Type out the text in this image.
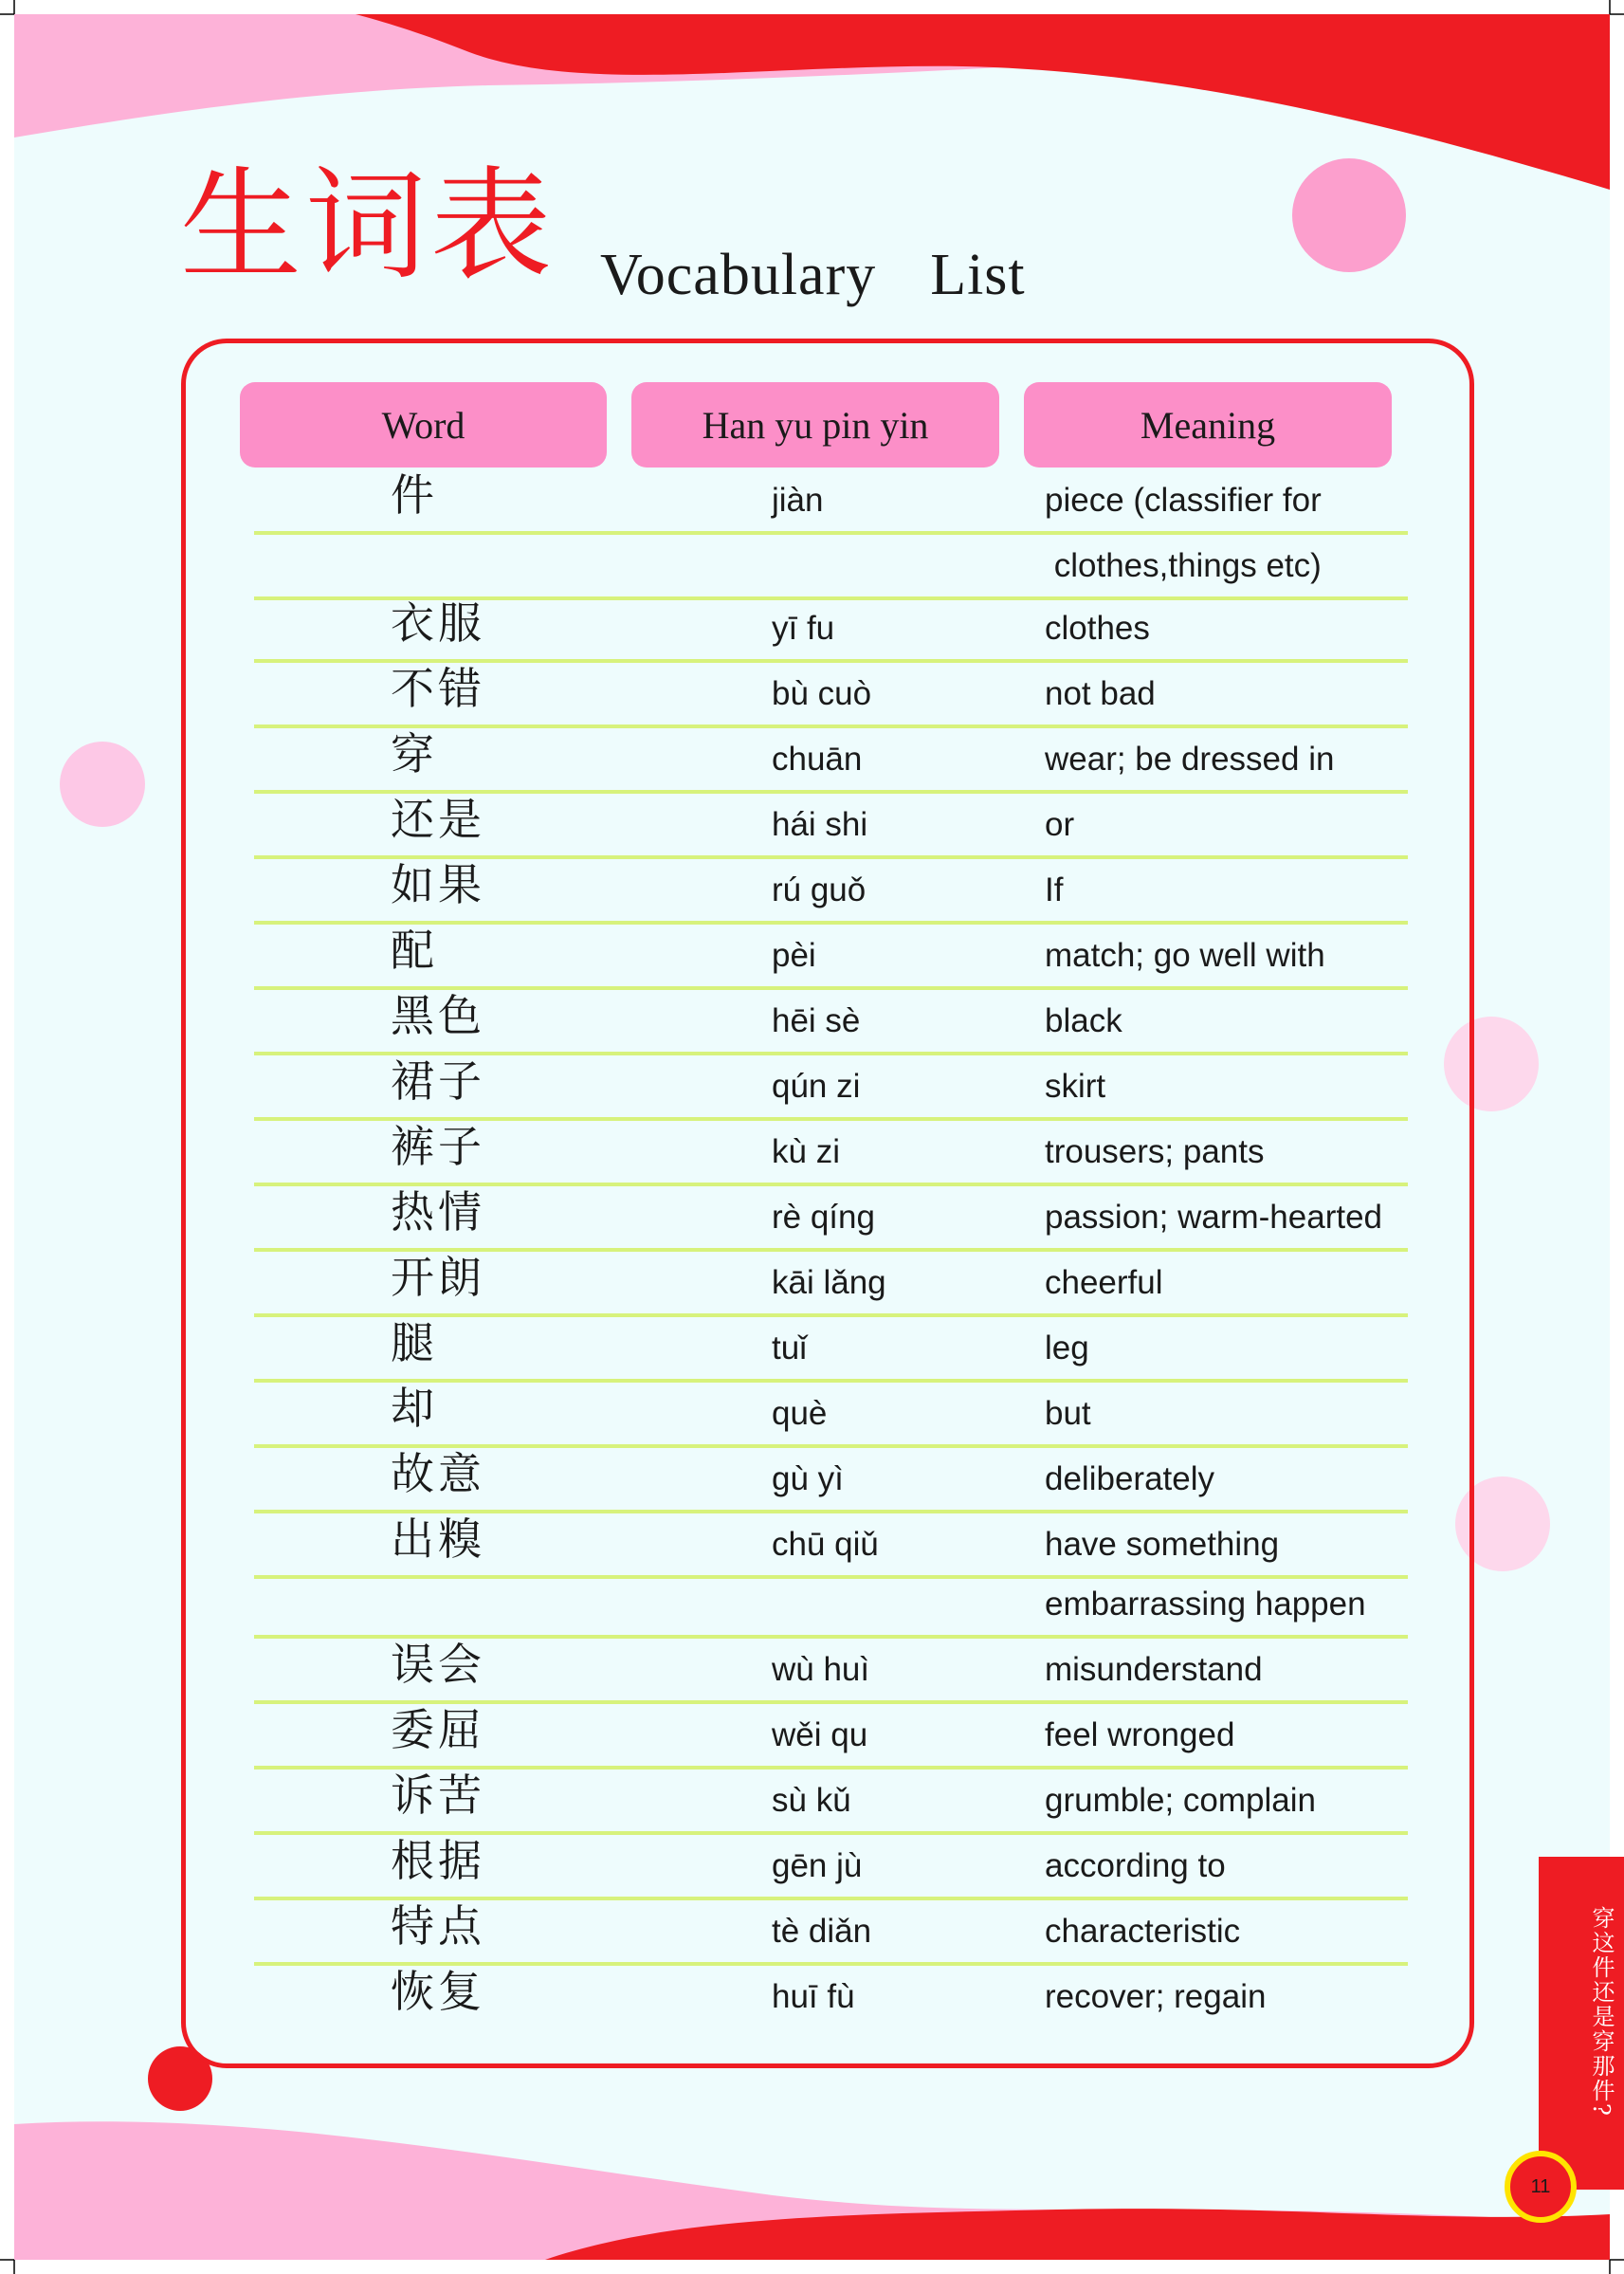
生词表 Vocabulary  List
Word	Han yu pin yin	Meaning
件	jiàn	piece (classifier for
clothes,things etc)
衣服	yī fu	clothes
不错	bù cuò	not bad
穿	chuān	wear; be dressed in
还是	hái shi	or
如果	rú guǒ	If
配	pèi	match; go well with
黑色	hēi sè	black
裙子	qún zi	skirt
裤子	kù zi	trousers; pants
热情	rè qíng	passion; warm-hearted
开朗	kāi lǎng	cheerful
腿	tuǐ	leg
却	què	but
故意	gù yì	deliberately
出糗	chū qiǔ	have something
embarrassing happen
误会	wù huì	misunderstand
委屈	wěi qu	feel wronged
诉苦	sù kǔ	grumble; complain
根据	gēn jù	according to
特点	tè diǎn	characteristic
恢复	huī fù	recover; regain	穿这件还是穿那件?
11
